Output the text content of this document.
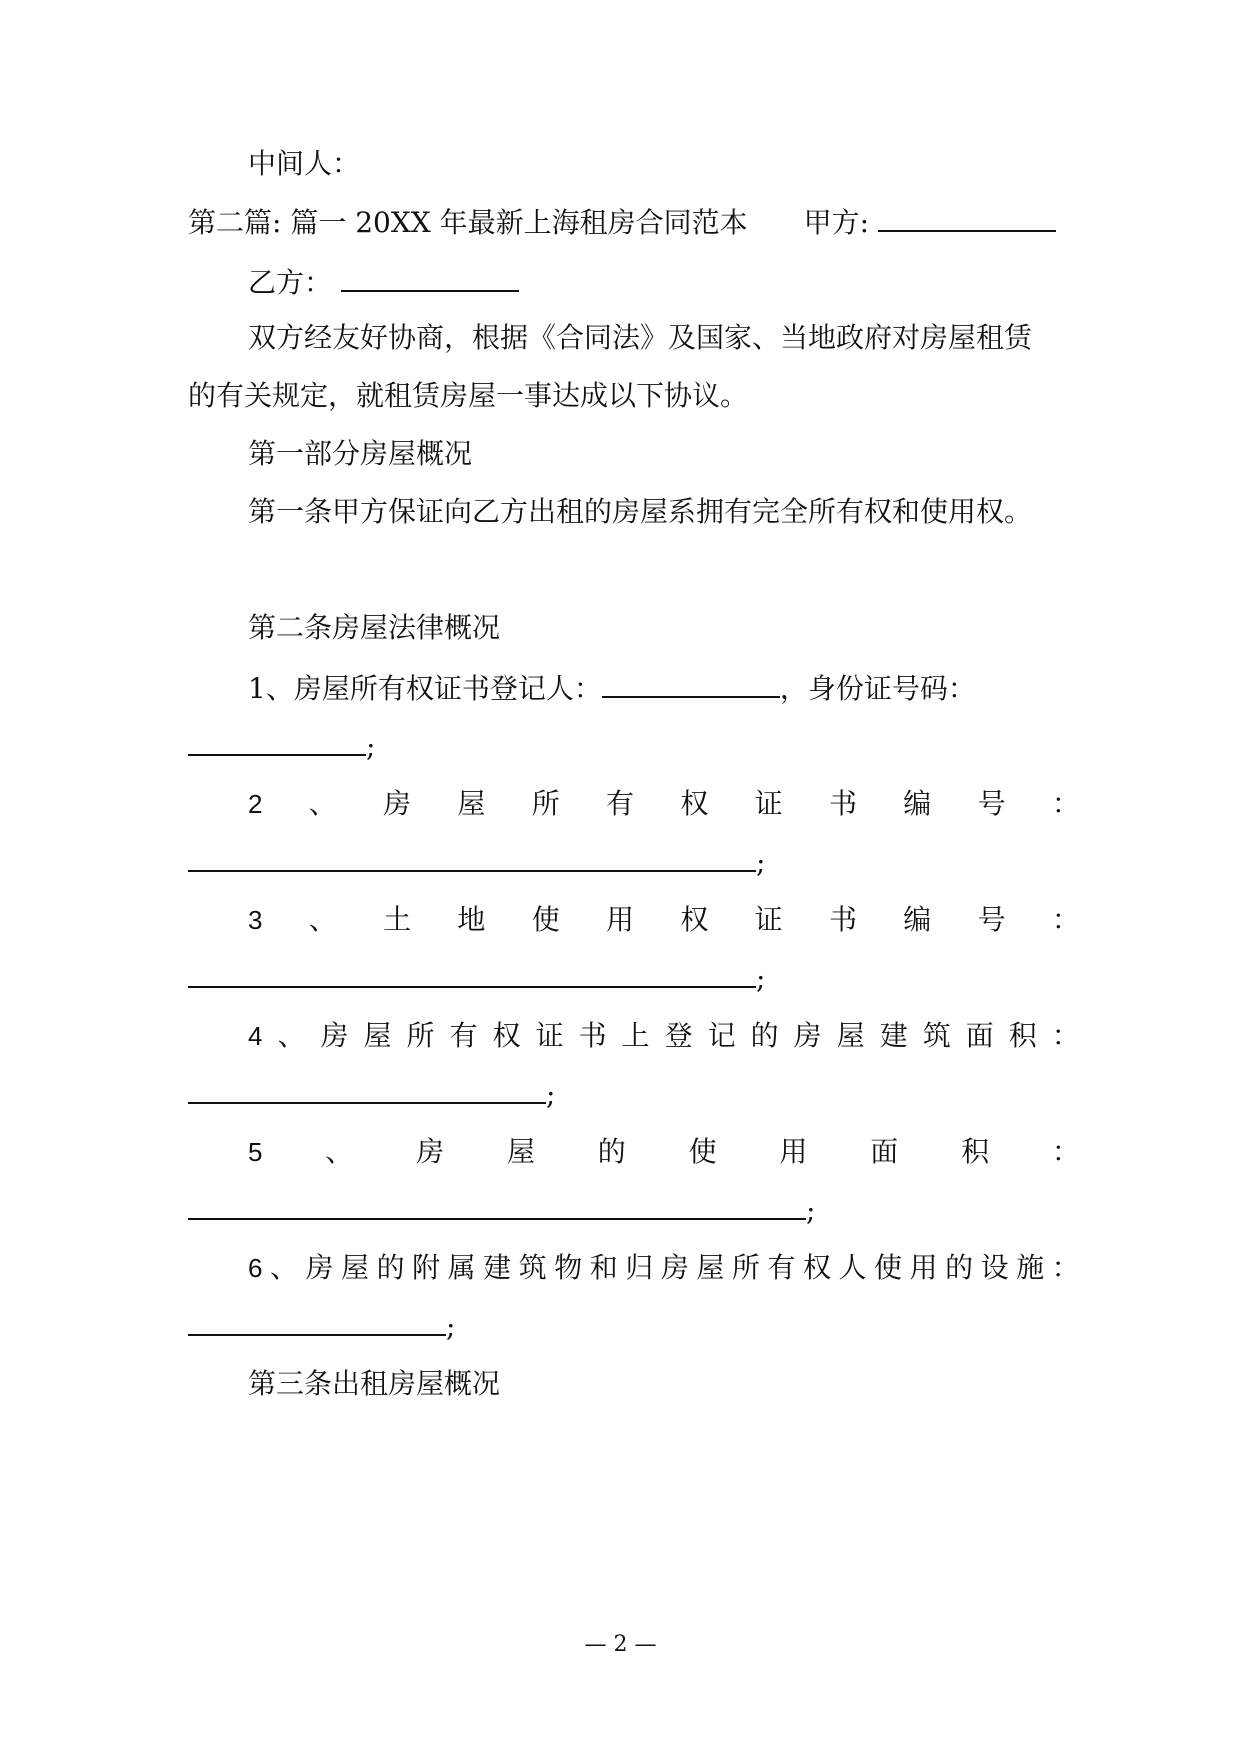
中间人：
第二篇: 篇一 20XX 年最新上海租房合同范本 甲方:
乙方：
双方经友好协商，根据《合同法》及国家、当地政府对房屋租赁
的有关规定，就租赁房屋一事达成以下协议。
第一部分房屋概况
第一条甲方保证向乙方出租的房屋系拥有完全所有权和使用权。
第二条房屋法律概况
1、房屋所有权证书登记人：	，身份证号码：
;
2 、 房 屋 所 有 权 证 书 编 号 ：
;
3 、 土 地 使 用 权 证 书 编 号 ：
;
4 、 房 屋 所 有 权 证 书 上 登 记 的 房 屋 建 筑 面 积 ：
;
5 、 房 屋 的 使 用 面 积 ：
;
6 、 房 屋 的 附 属 建 筑 物 和 归 房 屋 所 有 权 人 使 用 的 设 施 ：
;
第三条出租房屋概况
— 2 —
